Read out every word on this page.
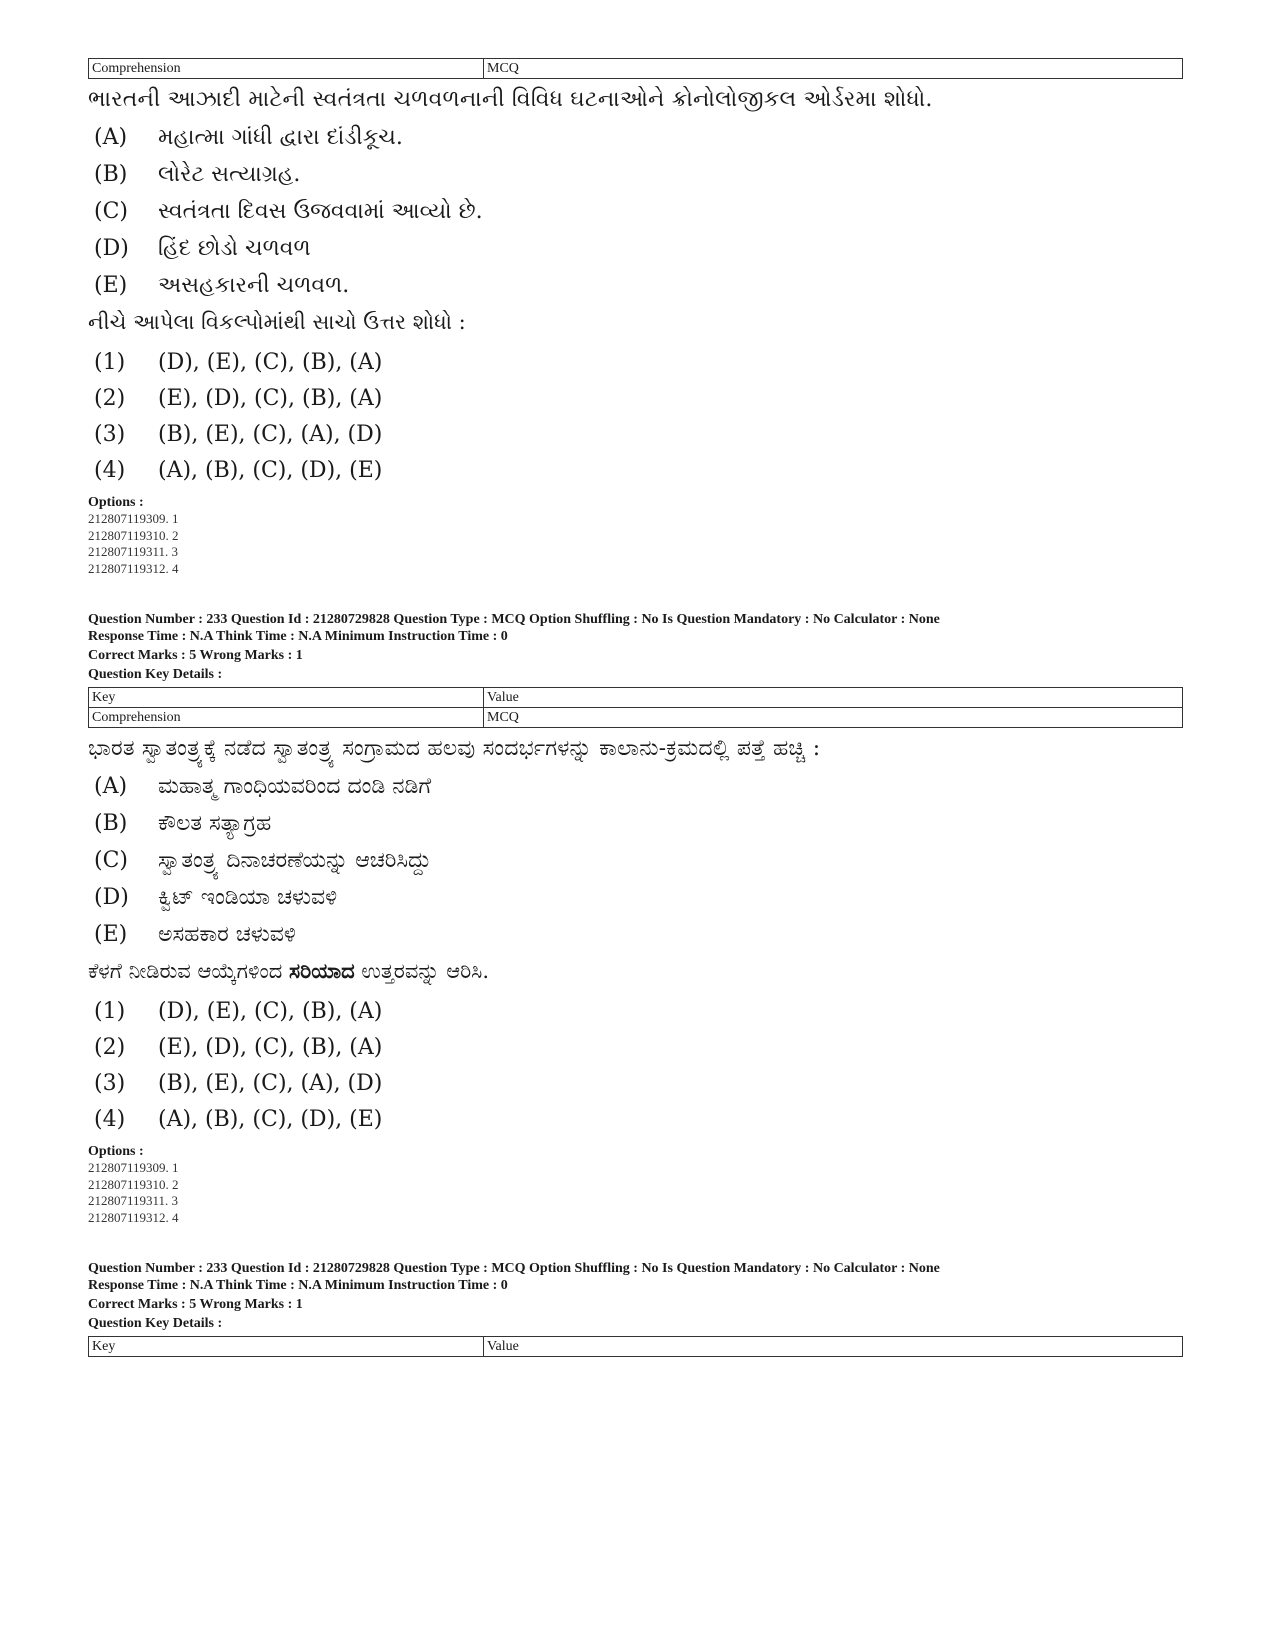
Comprehension	MCQ
ભારતની આઝાદી માટેની સ્વતંત્રતા ચળવળનાની વિવિધ ઘટનાઓને ક્રોનોલોજીકલ ઓર્ડરમા શોધો.
(A)	મહાત્મા ગાંધી દ્વારા દાંડીકૂચ.
(B)	લોરેટ સત્યાગ્રહ.
(C)	સ્વતંત્રતા દિવસ ઉજવવામાં આવ્યો છે.
(D)	હિંદ છોડો ચળવળ
(E)	અસહકારની ચળવળ.
નીચે આપેલા વિકલ્પોમાંથી સાચો ઉત્તર શોધો :
(1)	(D), (E), (C), (B), (A)
(2)	(E), (D), (C), (B), (A)
(3)	(B), (E), (C), (A), (D)
(4)	(A), (B), (C), (D), (E)
Options :
212807119309. 1
212807119310. 2
212807119311. 3
212807119312. 4
Question Number : 233 Question Id : 21280729828 Question Type : MCQ Option Shuffling : No Is Question Mandatory : No Calculator : None
Response Time : N.A Think Time : N.A Minimum Instruction Time : 0
Correct Marks : 5 Wrong Marks : 1
Question Key Details :
Key	Value
Comprehension	MCQ
ಭಾರತ ಸ್ವಾತಂತ್ರ್ಯಕ್ಕೆ ನಡೆದ ಸ್ವಾತಂತ್ರ್ಯ ಸಂಗ್ರಾಮದ ಹಲವು ಸಂದರ್ಭಗಳನ್ನು ಕಾಲಾನು-ಕ್ರಮದಲ್ಲಿ ಪತ್ತೆ ಹಚ್ಚಿ :
(A)	ಮಹಾತ್ಮ ಗಾಂಧಿಯವರಿಂದ ದಂಡಿ ನಡಿಗೆ
(B)	ಕೌಲತ ಸತ್ಯಾಗ್ರಹ
(C)	ಸ್ವಾತಂತ್ರ್ಯ ದಿನಾಚರಣೆಯನ್ನು ಆಚರಿಸಿದ್ದು
(D)	ಕ್ವಿಟ್ ಇಂಡಿಯಾ ಚಳುವಳಿ
(E)	ಅಸಹಕಾರ ಚಳುವಳಿ
ಕೆಳಗೆ ನೀಡಿರುವ ಆಯ್ಕೆಗಳಿಂದ ಸರಿಯಾದ ಉತ್ತರವನ್ನು ಆರಿಸಿ.
(1)	(D), (E), (C), (B), (A)
(2)	(E), (D), (C), (B), (A)
(3)	(B), (E), (C), (A), (D)
(4)	(A), (B), (C), (D), (E)
Options :
212807119309. 1
212807119310. 2
212807119311. 3
212807119312. 4
Question Number : 233 Question Id : 21280729828 Question Type : MCQ Option Shuffling : No Is Question Mandatory : No Calculator : None
Response Time : N.A Think Time : N.A Minimum Instruction Time : 0
Correct Marks : 5 Wrong Marks : 1
Question Key Details :
Key	Value
